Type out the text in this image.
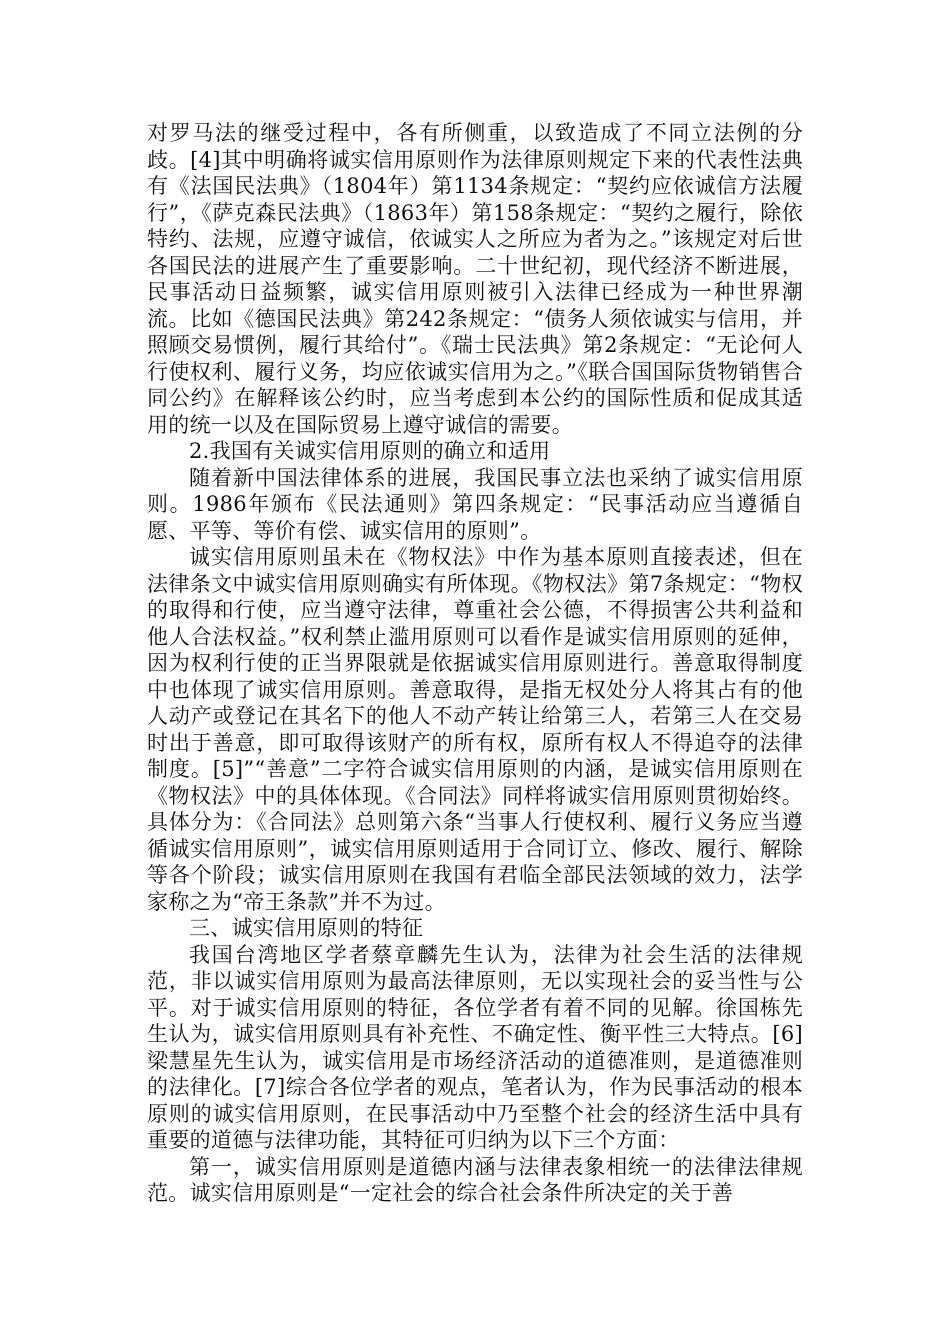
对罗马法的继受过程中，各有所侧重，以致造成了不同立法例的分歧。[4]其中明确将诚实信用原则作为法律原则规定下来的代表性法典有《法国民法典》（1804年）第1134条规定：“契约应依诚信方法履行”，《萨克森民法典》（1863年）第158条规定：“契约之履行，除依特约、法规，应遵守诚信，依诚实人之所应为者为之。”该规定对后世各国民法的进展产生了重要影响。二十世纪初，现代经济不断进展，民事活动日益频繁，诚实信用原则被引入法律已经成为一种世界潮流。比如《德国民法典》第242条规定：“债务人须依诚实与信用，并照顾交易惯例，履行其给付”。《瑞士民法典》第2条规定：“无论何人行使权利、履行义务，均应依诚实信用为之。”《联合国国际货物销售合同公约》在解释该公约时，应当考虑到本公约的国际性质和促成其适用的统一以及在国际贸易上遵守诚信的需要。

2.我国有关诚实信用原则的确立和适用

随着新中国法律体系的进展，我国民事立法也采纳了诚实信用原则。1986年颁布《民法通则》第四条规定：“民事活动应当遵循自愿、平等、等价有偿、诚实信用的原则”。

诚实信用原则虽未在《物权法》中作为基本原则直接表述，但在法律条文中诚实信用原则确实有所体现。《物权法》第7条规定：“物权的取得和行使，应当遵守法律，尊重社会公德，不得损害公共利益和他人合法权益。”权利禁止滥用原则可以看作是诚实信用原则的延伸，因为权利行使的正当界限就是依据诚实信用原则进行。善意取得制度中也体现了诚实信用原则。善意取得，是指无权处分人将其占有的他人动产或登记在其名下的他人不动产转让给第三人，若第三人在交易时出于善意，即可取得该财产的所有权，原所有权人不得追夺的法律制度。[5]”“善意”二字符合诚实信用原则的内涵，是诚实信用原则在《物权法》中的具体体现。《合同法》同样将诚实信用原则贯彻始终。具体分为：《合同法》总则第六条“当事人行使权利、履行义务应当遵循诚实信用原则”，诚实信用原则适用于合同订立、修改、履行、解除等各个阶段；诚实信用原则在我国有君临全部民法领域的效力，法学家称之为“帝王条款”并不为过。

三、诚实信用原则的特征

我国台湾地区学者蔡章麟先生认为，法律为社会生活的法律规范，非以诚实信用原则为最高法律原则，无以实现社会的妥当性与公平。对于诚实信用原则的特征，各位学者有着不同的见解。徐国栋先生认为，诚实信用原则具有补充性、不确定性、衡平性三大特点。[6]梁慧星先生认为，诚实信用是市场经济活动的道德准则，是道德准则的法律化。[7]综合各位学者的观点，笔者认为，作为民事活动的根本原则的诚实信用原则，在民事活动中乃至整个社会的经济生活中具有重要的道德与法律功能，其特征可归纳为以下三个方面：

第一，诚实信用原则是道德内涵与法律表象相统一的法律法律规范。诚实信用原则是“一定社会的综合社会条件所决定的关于善
